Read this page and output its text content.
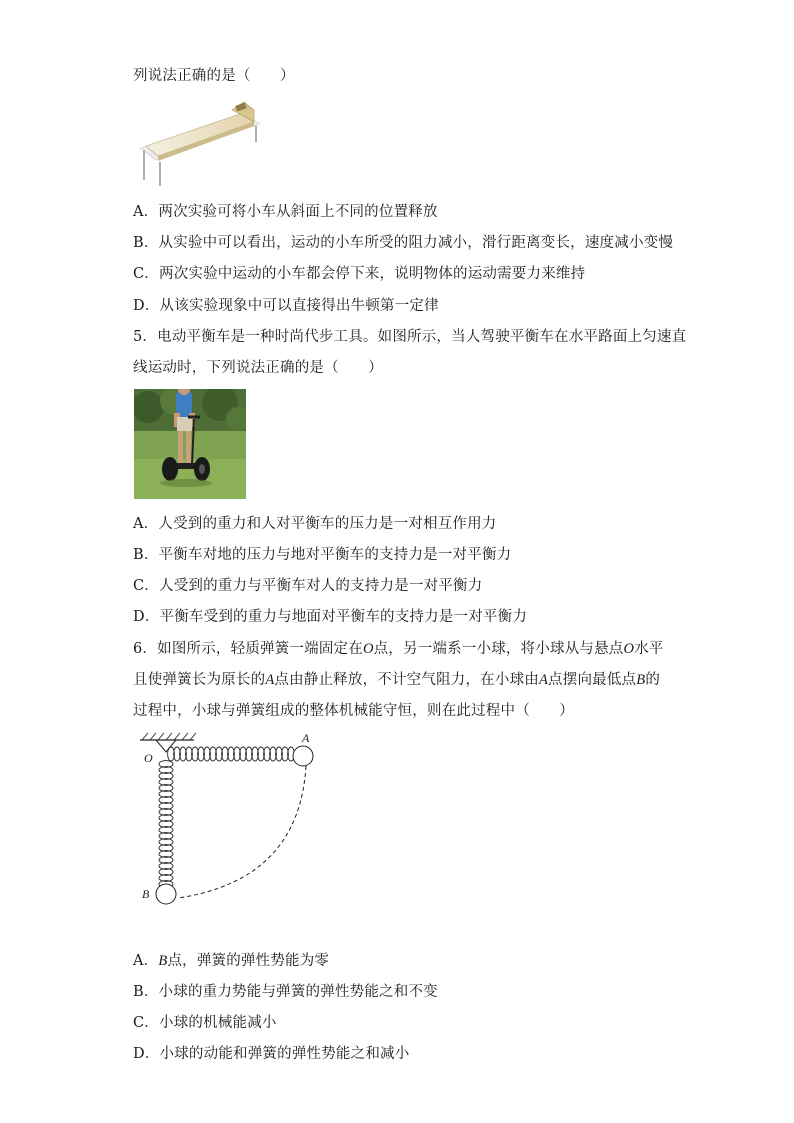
列说法正确的是（　　）
A．两次实验可将小车从斜面上不同的位置释放
B．从实验中可以看出，运动的小车所受的阻力减小，滑行距离变长，速度减小变慢
C．两次实验中运动的小车都会停下来，说明物体的运动需要力来维持
D．从该实验现象中可以直接得出牛顿第一定律
5．电动平衡车是一种时尚代步工具。如图所示，当人驾驶平衡车在水平路面上匀速直
线运动时，下列说法正确的是（　　）
A．人受到的重力和人对平衡车的压力是一对相互作用力
B．平衡车对地的压力与地对平衡车的支持力是一对平衡力
C．人受到的重力与平衡车对人的支持力是一对平衡力
D．平衡车受到的重力与地面对平衡车的支持力是一对平衡力
6．如图所示，轻质弹簧一端固定在O点，另一端系一小球，将小球从与悬点O水平
且使弹簧长为原长的A点由静止释放，不计空气阻力，在小球由A点摆向最低点B的
过程中，小球与弹簧组成的整体机械能守恒，则在此过程中（　　）
O
A
B
A．B点，弹簧的弹性势能为零
B．小球的重力势能与弹簧的弹性势能之和不变
C．小球的机械能减小
D．小球的动能和弹簧的弹性势能之和减小
